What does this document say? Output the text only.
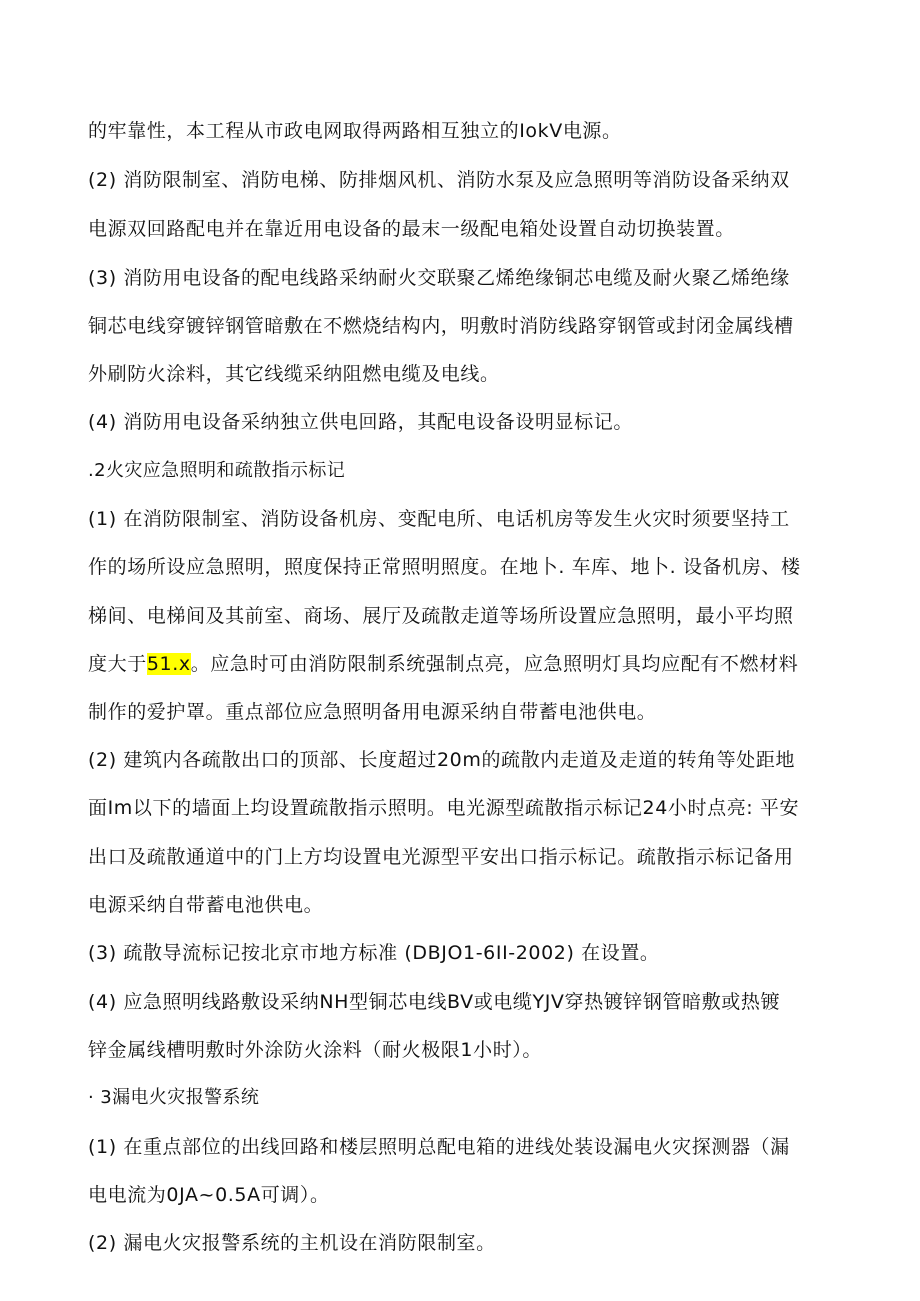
的牢靠性，本工程从市政电网取得两路相互独立的IokV电源。
(2) 消防限制室、消防电梯、防排烟风机、消防水泵及应急照明等消防设备采纳双
电源双回路配电并在靠近用电设备的最末一级配电箱处设置自动切换装置。
(3) 消防用电设备的配电线路采纳耐火交联聚乙烯绝缘铜芯电缆及耐火聚乙烯绝缘
铜芯电线穿镀锌钢管暗敷在不燃烧结构内，明敷时消防线路穿钢管或封闭金属线槽
外刷防火涂料，其它线缆采纳阻燃电缆及电线。
(4) 消防用电设备采纳独立供电回路，其配电设备设明显标记。
.2火灾应急照明和疏散指示标记
(1) 在消防限制室、消防设备机房、变配电所、电话机房等发生火灾时须要坚持工
作的场所设应急照明，照度保持正常照明照度。在地卜. 车库、地卜. 设备机房、楼
梯间、电梯间及其前室、商场、展厅及疏散走道等场所设置应急照明，最小平均照
度大于51.x。应急时可由消防限制系统强制点亮，应急照明灯具均应配有不燃材料
制作的爱护罩。重点部位应急照明备用电源采纳自带蓄电池供电。
(2) 建筑内各疏散出口的顶部、长度超过20m的疏散内走道及走道的转角等处距地
面Im以下的墙面上均设置疏散指示照明。电光源型疏散指示标记24小时点亮: 平安
出口及疏散通道中的门上方均设置电光源型平安出口指示标记。疏散指示标记备用
电源采纳自带蓄电池供电。
(3) 疏散导流标记按北京市地方标准 (DBJO1-6II-2002) 在设置。
(4) 应急照明线路敷设采纳NH型铜芯电线BV或电缆YJV穿热镀锌钢管暗敷或热镀
锌金属线槽明敷时外涂防火涂料（耐火极限1小时）。
· 3漏电火灾报警系统
(1) 在重点部位的出线回路和楼层照明总配电箱的进线处装设漏电火灾探测器（漏
电电流为0JA~0.5A可调）。
(2) 漏电火灾报警系统的主机设在消防限制室。
